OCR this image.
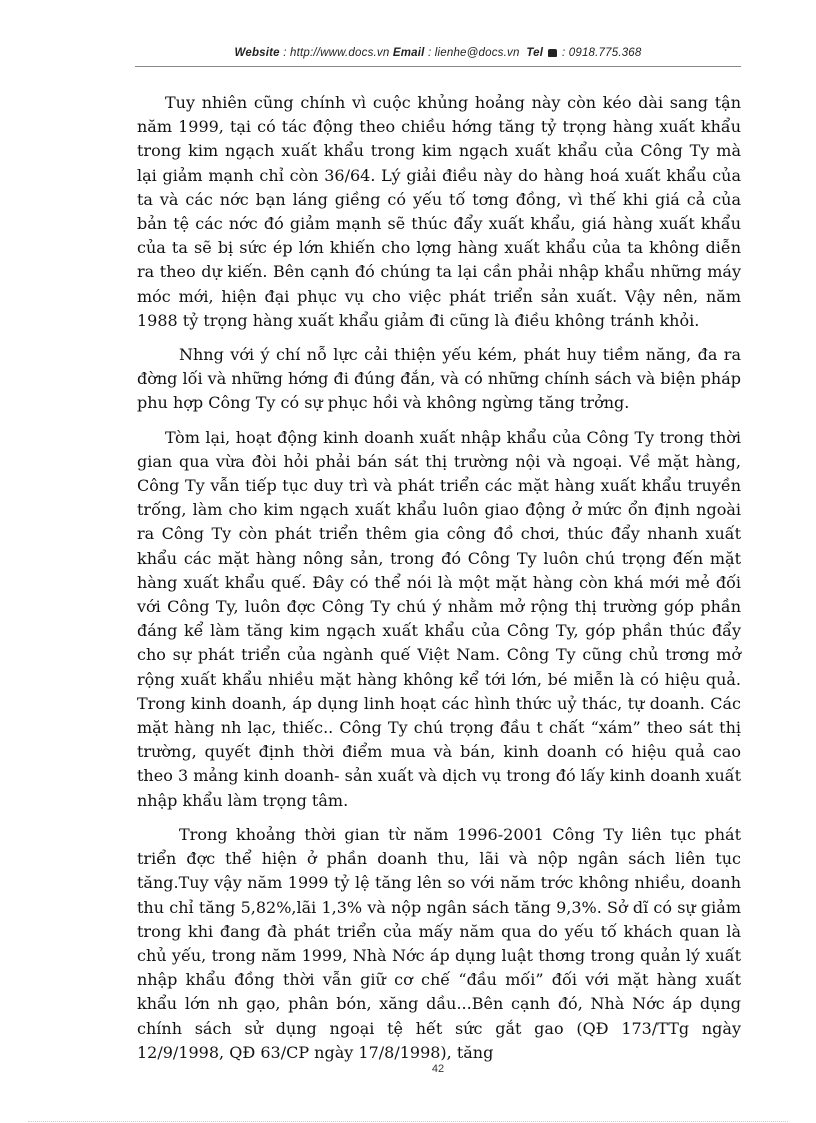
Website : http://www.docs.vn Email : lienhe@docs.vn Tel  : 0918.775.368

Tuy nhiên cũng chính vì cuộc khủng hoảng này còn kéo dài sang tận năm 1999, tại có tác động theo chiều hớng tăng tỷ trọng hàng xuất khẩu trong kim ngạch xuất khẩu trong kim ngạch xuất khẩu của Công Ty mà lại giảm mạnh chỉ còn 36/64. Lý giải điều này do hàng hoá xuất khẩu của ta và các nớc bạn láng giềng có yếu tố tơng đồng, vì thế khi giá cả của bản tệ các nớc đó giảm mạnh sẽ thúc đẩy xuất khẩu, giá hàng xuất khẩu của ta sẽ bị sức ép lớn khiến cho lợng hàng xuất khẩu của ta không diễn ra theo dự kiến. Bên cạnh đó chúng ta lại cần phải nhập khẩu những máy móc mới, hiện đại phục vụ cho việc phát triển sản xuất. Vậy nên, năm 1988 tỷ trọng hàng xuất khẩu giảm đi cũng là điều không tránh khỏi.

Nhng với ý chí nỗ lực cải thiện yếu kém, phát huy tiềm năng, đa ra đờng lối và những hớng đi đúng đắn, và có những chính sách và biện pháp phu hợp Công Ty có sự phục hồi và không ngừng tăng trởng.

Tòm lại, hoạt động kinh doanh xuất nhập khẩu của Công Ty trong thời gian qua vừa đòi hỏi phải bán sát thị trường nội và ngoại. Về mặt hàng, Công Ty vẫn tiếp tục duy trì và phát triển các mặt hàng xuất khẩu truyền trống, làm cho kim ngạch xuất khẩu luôn giao động ở mức ổn định ngoài ra Công Ty còn phát triển thêm gia công đồ chơi, thúc đẩy nhanh xuất khẩu các mặt hàng nông sản, trong đó Công Ty luôn chú trọng đến mặt hàng xuất khẩu quế. Đây có thể nói là một mặt hàng còn khá mới mẻ đối với Công Ty, luôn đợc Công Ty chú ý nhằm mở rộng thị trường góp phần đáng kể làm tăng kim ngạch xuất khẩu của Công Ty, góp phần thúc đẩy cho sự phát triển của ngành quế Việt Nam. Công Ty cũng chủ trơng mở rộng xuất khẩu nhiều mặt hàng không kể tới lớn, bé miễn là có hiệu quả. Trong kinh doanh, áp dụng linh hoạt các hình thức uỷ thác, tự doanh. Các mặt hàng nh lạc, thiếc.. Công Ty chú trọng đầu t chất “xám” theo sát thị trường, quyết định thời điểm mua và bán, kinh doanh có hiệu quả cao theo 3 mảng kinh doanh- sản xuất và dịch vụ trong đó lấy kinh doanh xuất nhập khẩu làm trọng tâm.

Trong khoảng thời gian từ năm 1996-2001 Công Ty liên tục phát triển đợc thể hiện ở phần doanh thu, lãi và nộp ngân sách liên tục tăng.Tuy vậy năm 1999 tỷ lệ tăng lên so với năm trớc không nhiều, doanh thu chỉ tăng 5,82%,lãi 1,3% và nộp ngân sách tăng 9,3%. Sở dĩ có sự giảm trong khi đang đà phát triển của mấy năm qua do yếu tố khách quan là chủ yếu, trong năm 1999, Nhà Nớc áp dụng luật thơng trong quản lý xuất nhập khẩu đồng thời vẫn giữ cơ chế “đầu mối” đối với mặt hàng xuất khẩu lớn nh gạo, phân bón, xăng dầu...Bên cạnh đó, Nhà Nớc áp dụng chính sách sử dụng ngoại tệ hết sức gắt gao (QĐ 173/TTg ngày 12/9/1998, QĐ 63/CP ngày 17/8/1998), tăng

42
